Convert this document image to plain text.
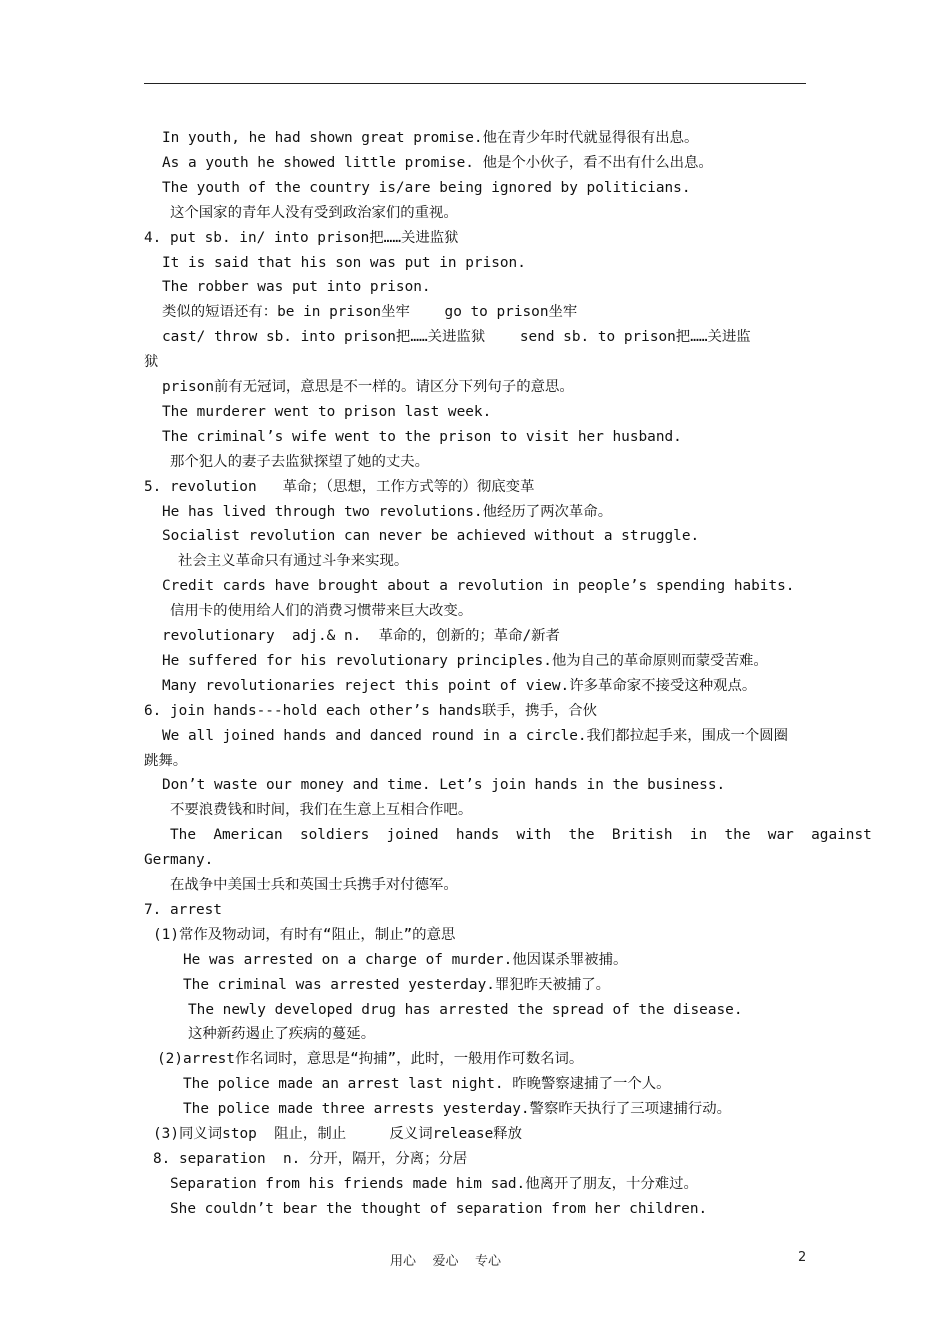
In youth, he had shown great promise.他在青少年时代就显得很有出息。
As a youth he showed little promise. 他是个小伙子，看不出有什么出息。
The youth of the country is/are being ignored by politicians.
这个国家的青年人没有受到政治家们的重视。
4. put sb. in/ into prison把……关进监狱
It is said that his son was put in prison.
The robber was put into prison.
类似的短语还有：be in prison坐牢    go to prison坐牢
cast/ throw sb. into prison把……关进监狱    send sb. to prison把……关进监
狱
prison前有无冠词，意思是不一样的。请区分下列句子的意思。
The murderer went to prison last week.
The criminal’s wife went to the prison to visit her husband.
那个犯人的妻子去监狱探望了她的丈夫。
5. revolution   革命；（思想，工作方式等的）彻底变革
He has lived through two revolutions.他经历了两次革命。
Socialist revolution can never be achieved without a struggle.
社会主义革命只有通过斗争来实现。
Credit cards have brought about a revolution in people’s spending habits.
信用卡的使用给人们的消费习惯带来巨大改变。
revolutionary  adj.& n.  革命的，创新的；革命/新者
He suffered for his revolutionary principles.他为自己的革命原则而蒙受苦难。
Many revolutionaries reject this point of view.许多革命家不接受这种观点。
6. join hands---hold each other’s hands联手，携手，合伙
We all joined hands and danced round in a circle.我们都拉起手来，围成一个圆圈
跳舞。
Don’t waste our money and time. Let’s join hands in the business.
不要浪费钱和时间，我们在生意上互相合作吧。
The  American  soldiers  joined  hands  with  the  British  in  the  war  against
Germany.
在战争中美国士兵和英国士兵携手对付德军。
7. arrest
(1)常作及物动词，有时有“阻止，制止”的意思
He was arrested on a charge of murder.他因谋杀罪被捕。
The criminal was arrested yesterday.罪犯昨天被捕了。
The newly developed drug has arrested the spread of the disease.
这种新药遏止了疾病的蔓延。
(2)arrest作名词时，意思是“拘捕”，此时，一般用作可数名词。
The police made an arrest last night. 昨晚警察逮捕了一个人。
The police made three arrests yesterday.警察昨天执行了三项逮捕行动。
(3)同义词stop  阻止，制止     反义词release释放
8. separation  n. 分开，隔开，分离；分居
Separation from his friends made him sad.他离开了朋友，十分难过。
She couldn’t bear the thought of separation from her children.
用心    爱心    专心	2
